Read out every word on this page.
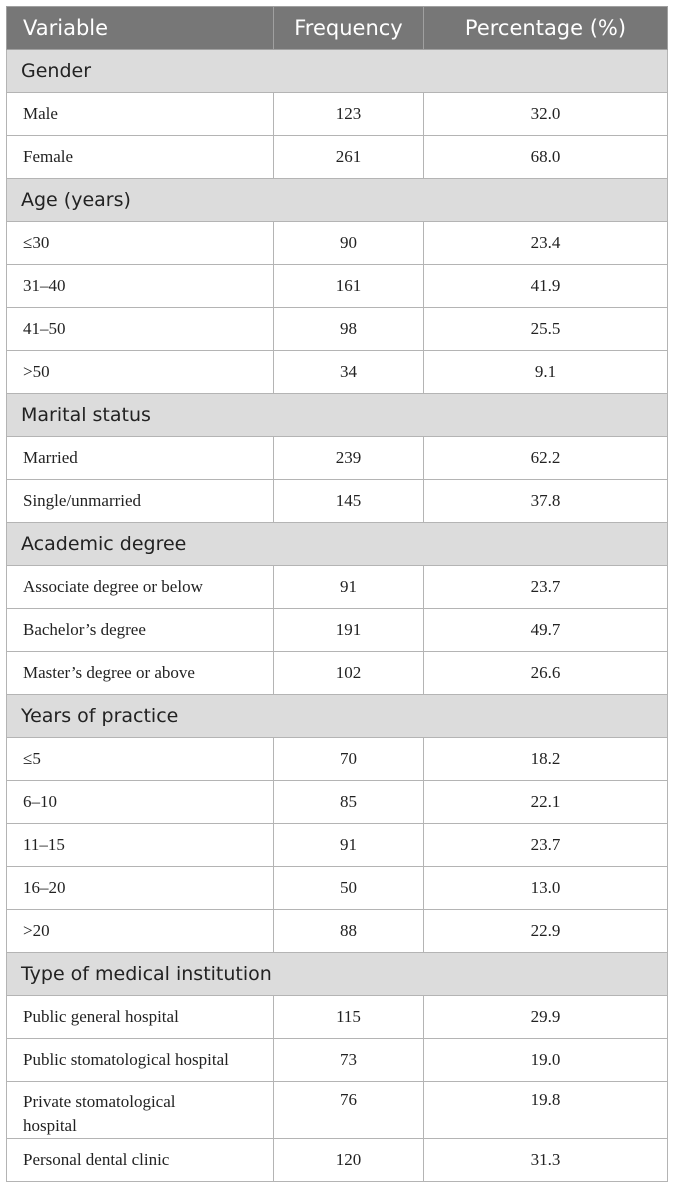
Variable	Frequency	Percentage (%)
Gender		
Male	123	32.0
Female	261	68.0
Age (years)		
≤30	90	23.4
31–40	161	41.9
41–50	98	25.5
>50	34	9.1
Marital status		
Married	239	62.2
Single/unmarried	145	37.8
Academic degree		
Associate degree or below	91	23.7
Bachelor’s degree	191	49.7
Master’s degree or above	102	26.6
Years of practice		
≤5	70	18.2
6–10	85	22.1
11–15	91	23.7
16–20	50	13.0
>20	88	22.9
Type of medical institution		
Public general hospital	115	29.9
Public stomatological hospital	73	19.0
Private stomatological hospital	76	19.8
Personal dental clinic	120	31.3
